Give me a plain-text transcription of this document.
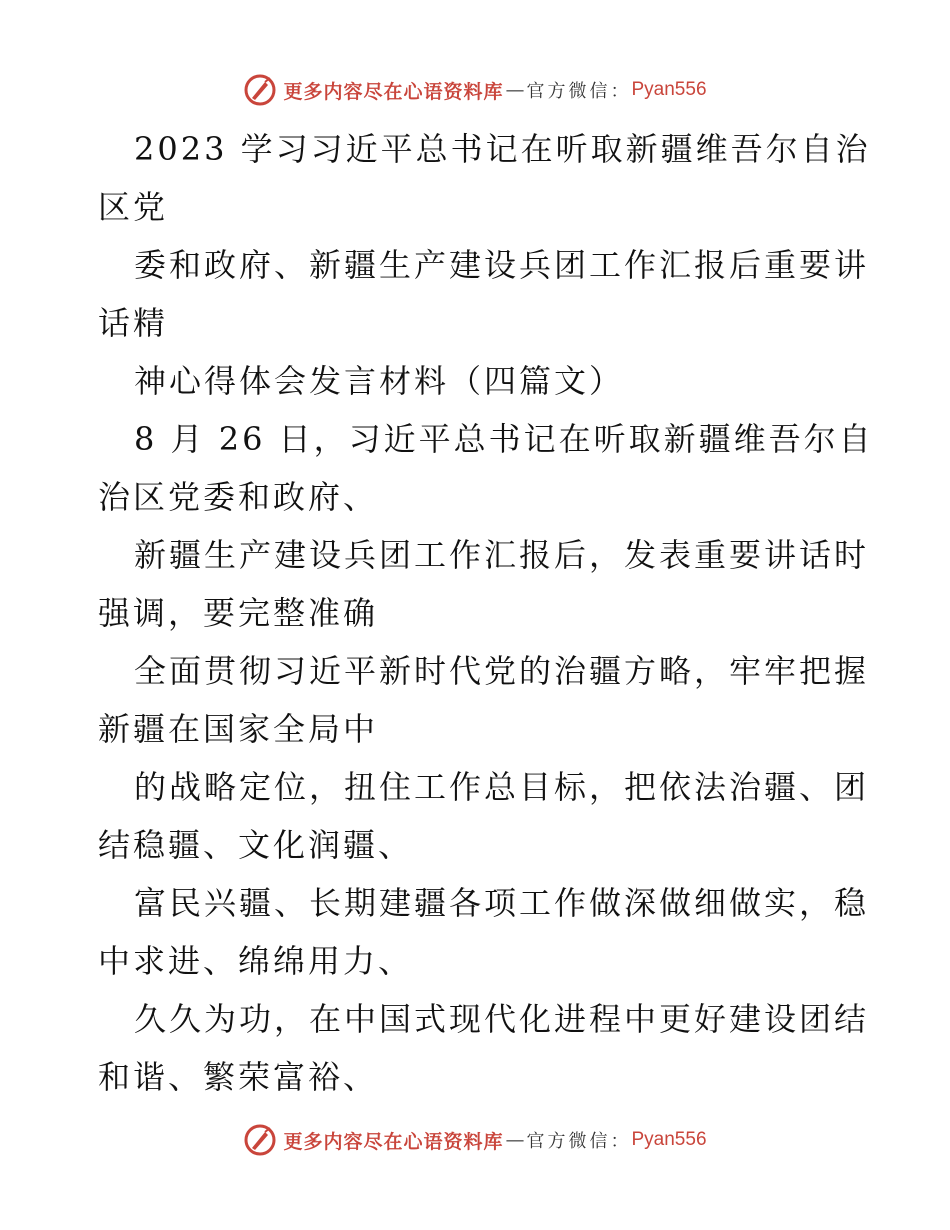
更多内容尽在心语资料库 — 官方微信： Pyan556

2023 学习习近平总书记在听取新疆维吾尔自治

区党

委和政府、新疆生产建设兵团工作汇报后重要讲

话精

神心得体会发言材料（四篇文）

8 月 26 日，习近平总书记在听取新疆维吾尔自

治区党委和政府、

新疆生产建设兵团工作汇报后，发表重要讲话时

强调，要完整准确

全面贯彻习近平新时代党的治疆方略，牢牢把握

新疆在国家全局中

的战略定位，扭住工作总目标，把依法治疆、团

结稳疆、文化润疆、

富民兴疆、长期建疆各项工作做深做细做实，稳

中求进、绵绵用力、

久久为功，在中国式现代化进程中更好建设团结

和谐、繁荣富裕、

更多内容尽在心语资料库 — 官方微信： Pyan556
